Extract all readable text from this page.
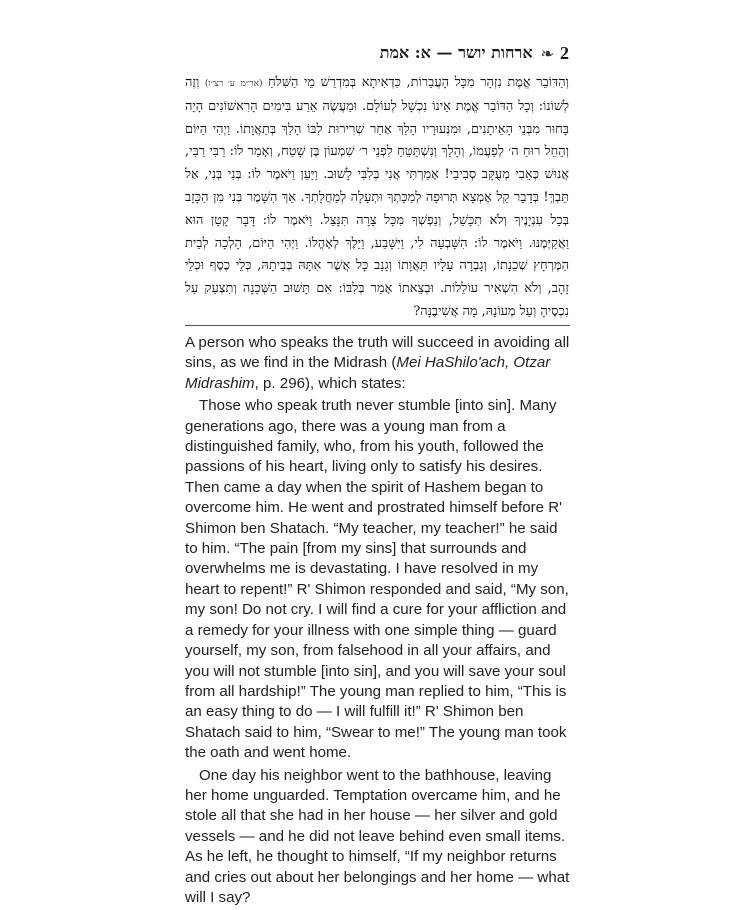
ארחות יושר — א: אמת ❧ 2

וְהַדּוֹבֵר אֱמֶת נִזְהָר מִכָּל הָעֲבֵרוֹת, כִּדְאִיתָא בְּמִדְרַשׁ מֵי הַשִּׁלֹחַ (אר״מ ע׳ רצ״ו) וְזֶה לְשׁוֹנוֹ: וְכָל הַדּוֹבֵר אֱמֶת אֵינוֹ נִכְשָׁל לְעוֹלָם. וּמַעֲשֶׂה אֵרַע בִּימִים הָרִאשׁוֹנִים הָיָה בָּחוּר מִבְּנֵי הָאֵיתָנִים, וּמִנְּעוּרָיו הָלַךְ אַחַר שְׁרִירוּת לִבּוֹ הָלַךְ בְּתַאֲוָתוֹ. וַיְהִי הַיּוֹם וְהֵחֵל רוּחַ ה׳ לְפַעֲמוֹ, וְהָלַךְ וְנִשְׁתַּטֵּחַ לִפְנֵי ר׳ שִׁמְעוֹן בֶּן שָׁטַח, וְאָמַר לוֹ: רַבִּי רַבִּי, אֲנוּשׁ כְּאֵבִי מְעֻקָּב סְבִיבַי! אָמַרְתִּי אֲנִי בְּלִבִּי לָשׁוּב. וַיַּעַן וַיֹּאמֶר לוֹ: בְּנִי בְּנִי, אַל תֵּבְךְּ! בְּדָבָר קַל אֶמְצָא תְּרוּפָה לְמַכָּתְךָ וּתְעָלָה לְמַחֲלָתְךָ. אַךְ הִשָּׁמֶר בְּנִי מִן הַכָּזָב בְּכָל עִנְיָנֶיךָ וְלֹא תִכָּשֵׁל, וְנַפְשְׁךָ מִכָּל צָרָה תִּנָּצֵל. וַיֹּאמֶר לוֹ: דָּבָר קָטָן הוּא וַאֲקַיְּמֶנּוּ. וַיֹּאמֶר לוֹ: הִשָּׁבְעָה לִי, וַיִּשָּׁבַע, וַיֵּלֶךְ לְאָהֳלוֹ. וַיְהִי הַיּוֹם, הָלְכָה לְבֵית הַמֶּרְחָץ שְׁכֵנָתוֹ, וְגָבְרָה עָלָיו תַּאֲוָתוֹ וְגָנַב כָּל אֲשֶׁר אִתָּהּ בְּבֵיתָהּ, כְּלֵי כֶסֶף וּכְלֵי זָהָב, וְלֹא הִשְׁאִיר עוֹלֵלוֹת. וּבְצֵאתוֹ אָמַר בְּלִבּוֹ: אִם תָּשׁוּב הַשְּׁכֵנָה וְתִצְעַק עַל נִכְסֶיהָ וְעַל מְעוֹנָהּ, מָה אֲשִׁיבֶנָּה?

A person who speaks the truth will succeed in avoiding all sins, as we find in the Midrash (Mei HaShilo'ach, Otzar Midrashim, p. 296), which states:

Those who speak truth never stumble [into sin]. Many generations ago, there was a young man from a distinguished family, who, from his youth, followed the passions of his heart, living only to satisfy his desires. Then came a day when the spirit of Hashem began to overcome him. He went and prostrated himself before R' Shimon ben Shatach. “My teacher, my teacher!” he said to him. “The pain [from my sins] that surrounds and overwhelms me is devastating. I have resolved in my heart to repent!” R' Shimon responded and said, “My son, my son! Do not cry. I will find a cure for your affliction and a remedy for your illness with one simple thing — guard yourself, my son, from falsehood in all your affairs, and you will not stumble [into sin], and you will save your soul from all hardship!” The young man replied to him, “This is an easy thing to do — I will fulfill it!” R' Shimon ben Shatach said to him, “Swear to me!” The young man took the oath and went home.

One day his neighbor went to the bathhouse, leaving her home unguarded. Temptation overcame him, and he stole all that she had in her house — her silver and gold vessels — and he did not leave behind even small items. As he left, he thought to himself, “If my neighbor returns and cries out about her belongings and her home — what will I say?
